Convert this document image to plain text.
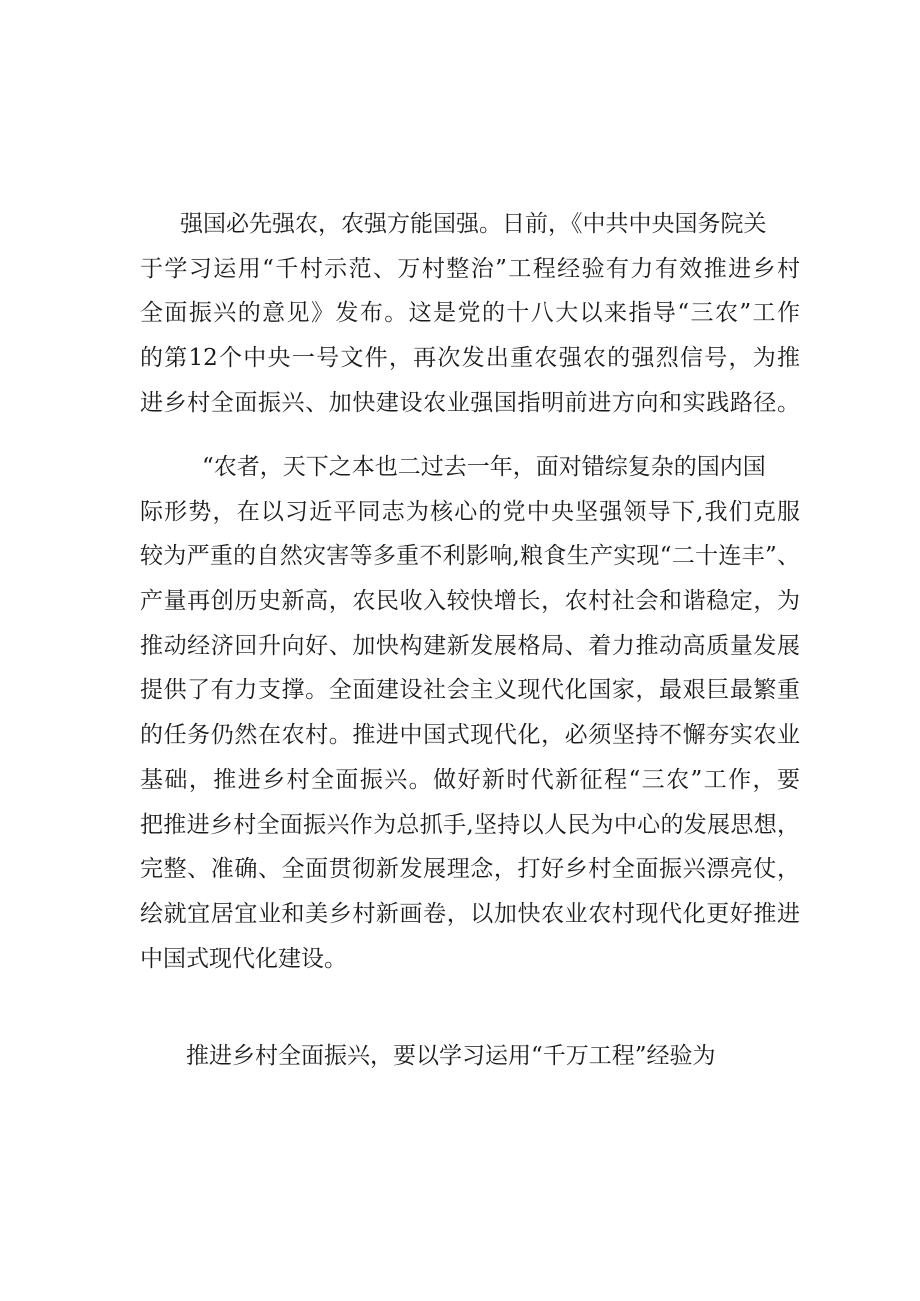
强国必先强农，农强方能国强。日前，《中共中央国务院关
于学习运用“千村示范、万村整治”工程经验有力有效推进乡村
全面振兴的意见》发布。这是党的十八大以来指导“三农”工作
的第12个中央一号文件，再次发出重农强农的强烈信号，为推
进乡村全面振兴、加快建设农业强国指明前进方向和实践路径。
“农者，天下之本也二过去一年，面对错综复杂的国内国
际形势，在以习近平同志为核心的党中央坚强领导下,我们克服
较为严重的自然灾害等多重不利影响,粮食生产实现“二十连丰”、
产量再创历史新高，农民收入较快增长，农村社会和谐稳定，为
推动经济回升向好、加快构建新发展格局、着力推动高质量发展
提供了有力支撑。全面建设社会主义现代化国家，最艰巨最繁重
的任务仍然在农村。推进中国式现代化，必须坚持不懈夯实农业
基础，推进乡村全面振兴。做好新时代新征程“三农”工作，要
把推进乡村全面振兴作为总抓手,坚持以人民为中心的发展思想，
完整、准确、全面贯彻新发展理念，打好乡村全面振兴漂亮仗，
绘就宜居宜业和美乡村新画卷，以加快农业农村现代化更好推进
中国式现代化建设。
推进乡村全面振兴，要以学习运用“千万工程”经验为
